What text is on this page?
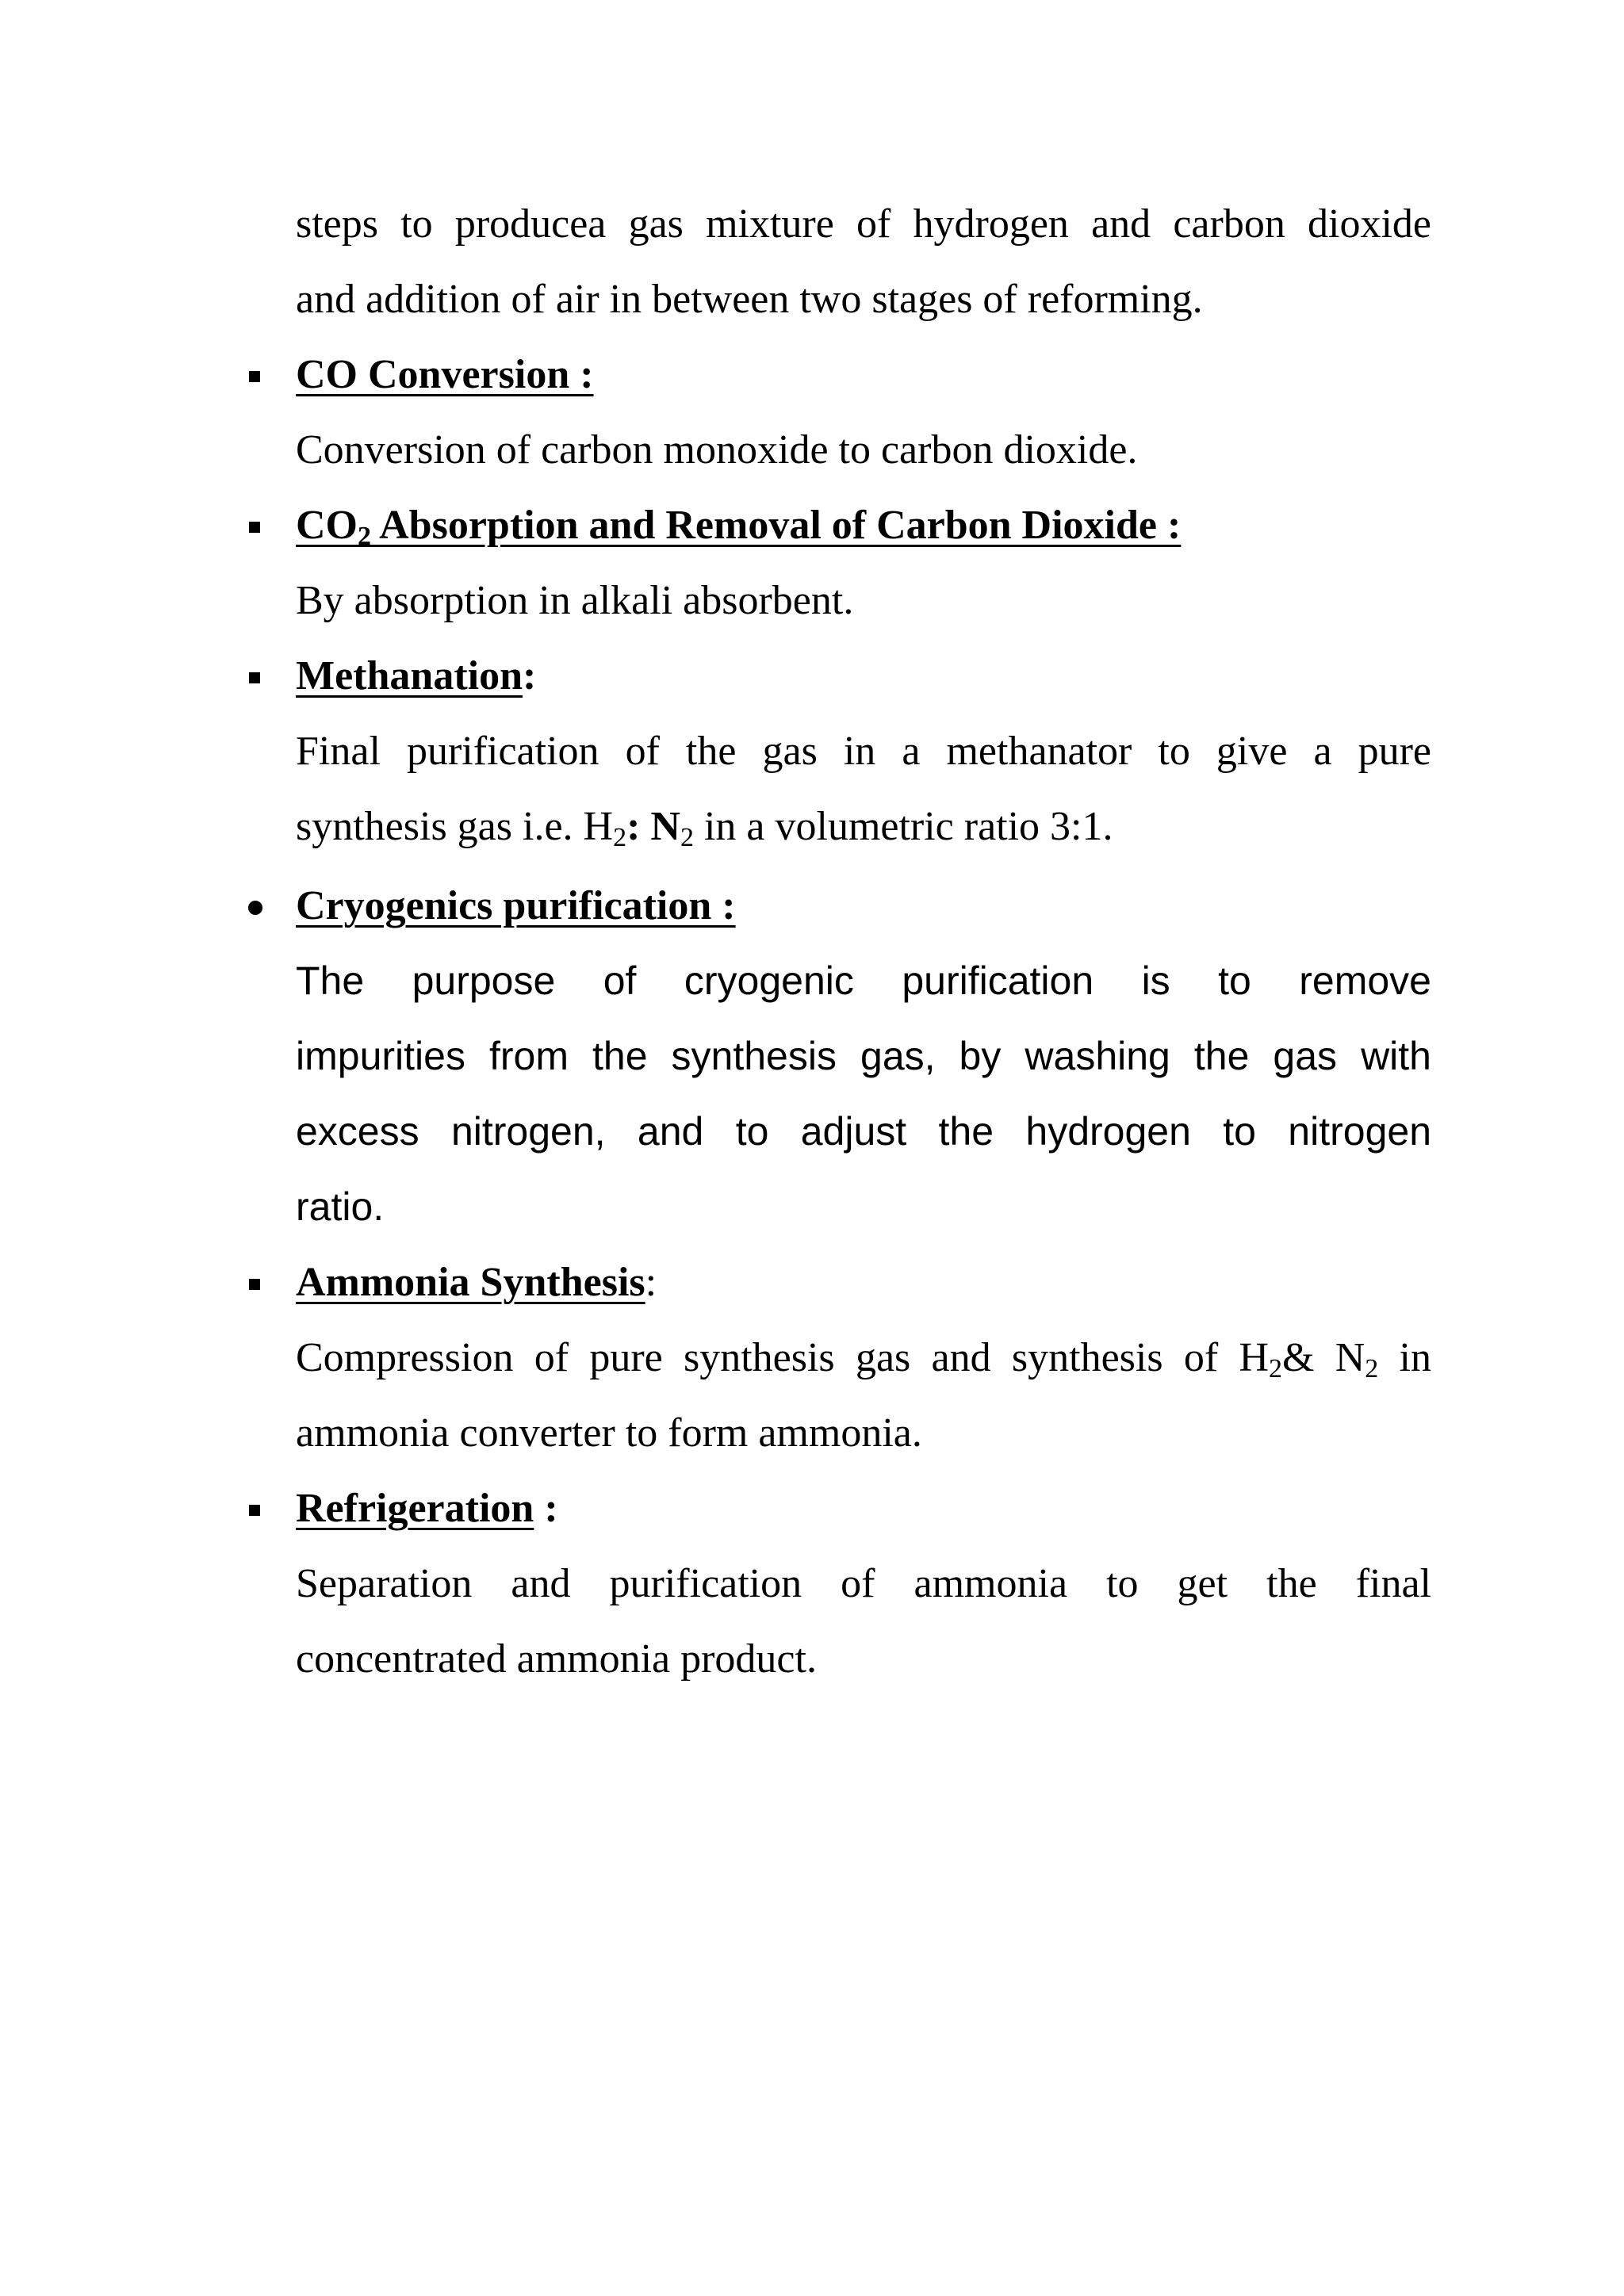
steps to producea gas mixture of hydrogen and carbon dioxide
and addition of air in between two stages of reforming.
CO Conversion :
Conversion of carbon monoxide to carbon dioxide.
$CO_2$ Absorption and Removal of Carbon Dioxide :
By absorption in alkali absorbent.
Methanation:
Final purification of the gas in a methanator to give a pure
synthesis gas i.e. $H_2$: $N_2$ in a volumetric ratio 3:1.
Cryogenics purification :
The purpose of cryogenic purification is to remove
impurities from the synthesis gas, by washing the gas with
excess nitrogen, and to adjust the hydrogen to nitrogen
ratio.
Ammonia Synthesis:
Compression of pure synthesis gas and synthesis of $H_2\&$ $N_2$ in
ammonia converter to form ammonia.
Refrigeration :
Separation and purification of ammonia to get the final
concentrated ammonia product.
